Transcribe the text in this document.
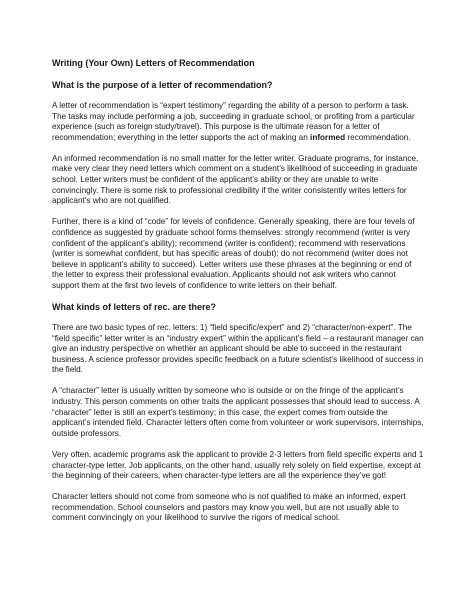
Writing (Your Own) Letters of Recommendation
What is the purpose of a letter of recommendation?

A letter of recommendation is “expert testimony” regarding the ability of a person to perform a task. The tasks may include performing a job, succeeding in graduate school, or profiting from a particular experience (such as foreign study/travel). This purpose is the ultimate reason for a letter of recommendation; everything in the letter supports the act of making an informed recommendation.

An informed recommendation is no small matter for the letter writer. Graduate programs, for instance, make very clear they need letters which comment on a student’s likelihood of succeeding in graduate school. Letter writers must be confident of the applicant’s ability or they are unable to write convincingly. There is some risk to professional credibility if the writer consistently writes letters for applicant’s who are not qualified.

Further, there is a kind of “code” for levels of confidence. Generally speaking, there are four levels of confidence as suggested by graduate school forms themselves: strongly recommend (writer is very confident of the applicant’s ability); recommend (writer is confident); recommend with reservations (writer is somewhat confident, but has specific areas of doubt); do not recommend (writer does not believe in applicant’s ability to succeed). Letter writers use these phrases at the beginning or end of the letter to express their professional evaluation. Applicants should not ask writers who cannot support them at the first two levels of confidence to write letters on their behalf.

What kinds of letters of rec. are there?

There are two basic types of rec. letters: 1) “field specific/expert” and 2) “character/non-expert”. The “field specific” letter writer is an “industry expert” within the applicant’s field – a restaurant manager can give an industry perspective on whether an applicant should be able to succeed in the restaurant business. A science professor provides specific feedback on a future scientist’s likelihood of success in the field.

A “character” letter is usually written by someone who is outside or on the fringe of the applicant’s industry. This person comments on other traits the applicant possesses that should lead to success. A “character” letter is still an expert’s testimony; in this case, the expert comes from outside the applicant’s intended field. Character letters often come from volunteer or work supervisors, internships, outside professors.

Very often, academic programs ask the applicant to provide 2-3 letters from field specific experts and 1 character-type letter. Job applicants, on the other hand, usually rely solely on field expertise, except at the beginning of their careers, when character-type letters are all the experience they’ve got!

Character letters should not come from someone who is not qualified to make an informed, expert recommendation. School counselors and pastors may know you well, but are not usually able to comment convincingly on your likelihood to survive the rigors of medical school.
